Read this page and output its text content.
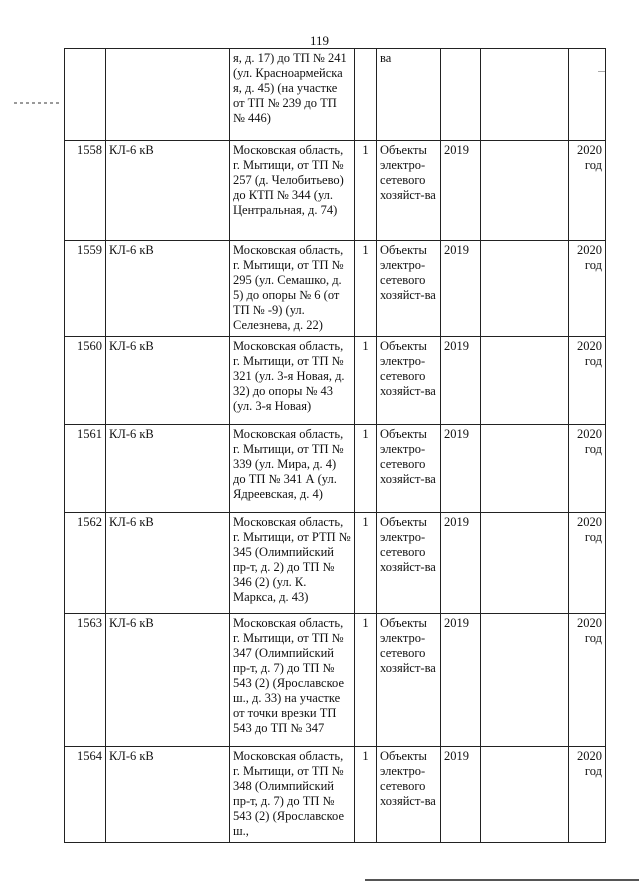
119
		я, д. 17) до ТП № 241 (ул. Красноармейска я, д. 45) (на участке от ТП № 239 до ТП № 446)		ва			
1558	КЛ-6 кВ	Московская область, г. Мытищи, от ТП № 257 (д. Челобитьево) до КТП № 344 (ул. Центральная, д. 74)	1	Объекты электро-сетевого хозяйст-ва	2019		2020 год
1559	КЛ-6 кВ	Московская область, г. Мытищи, от ТП № 295 (ул. Семашко, д. 5) до опоры № 6 (от ТП № -9) (ул. Селезнева, д. 22)	1	Объекты электро-сетевого хозяйст-ва	2019		2020 год
1560	КЛ-6 кВ	Московская область, г. Мытищи, от ТП № 321 (ул. 3-я Новая, д. 32) до опоры № 43 (ул. 3-я Новая)	1	Объекты электро-сетевого хозяйст-ва	2019		2020 год
1561	КЛ-6 кВ	Московская область, г. Мытищи, от ТП № 339 (ул. Мира, д. 4) до ТП № 341 А (ул. Ядреевская, д. 4)	1	Объекты электро-сетевого хозяйст-ва	2019		2020 год
1562	КЛ-6 кВ	Московская область, г. Мытищи, от РТП № 345 (Олимпийский пр-т, д. 2) до ТП № 346 (2) (ул. К. Маркса, д. 43)	1	Объекты электро-сетевого хозяйст-ва	2019		2020 год
1563	КЛ-6 кВ	Московская область, г. Мытищи, от ТП № 347 (Олимпийский пр-т, д. 7) до ТП № 543 (2) (Ярославское ш., д. 33) на участке от точки врезки ТП 543 до ТП № 347	1	Объекты электро-сетевого хозяйст-ва	2019		2020 год
1564	КЛ-6 кВ	Московская область, г. Мытищи, от ТП № 348 (Олимпийский пр-т, д. 7) до ТП № 543 (2) (Ярославское ш.,	1	Объекты электро-сетевого хозяйст-ва	2019		2020 год
